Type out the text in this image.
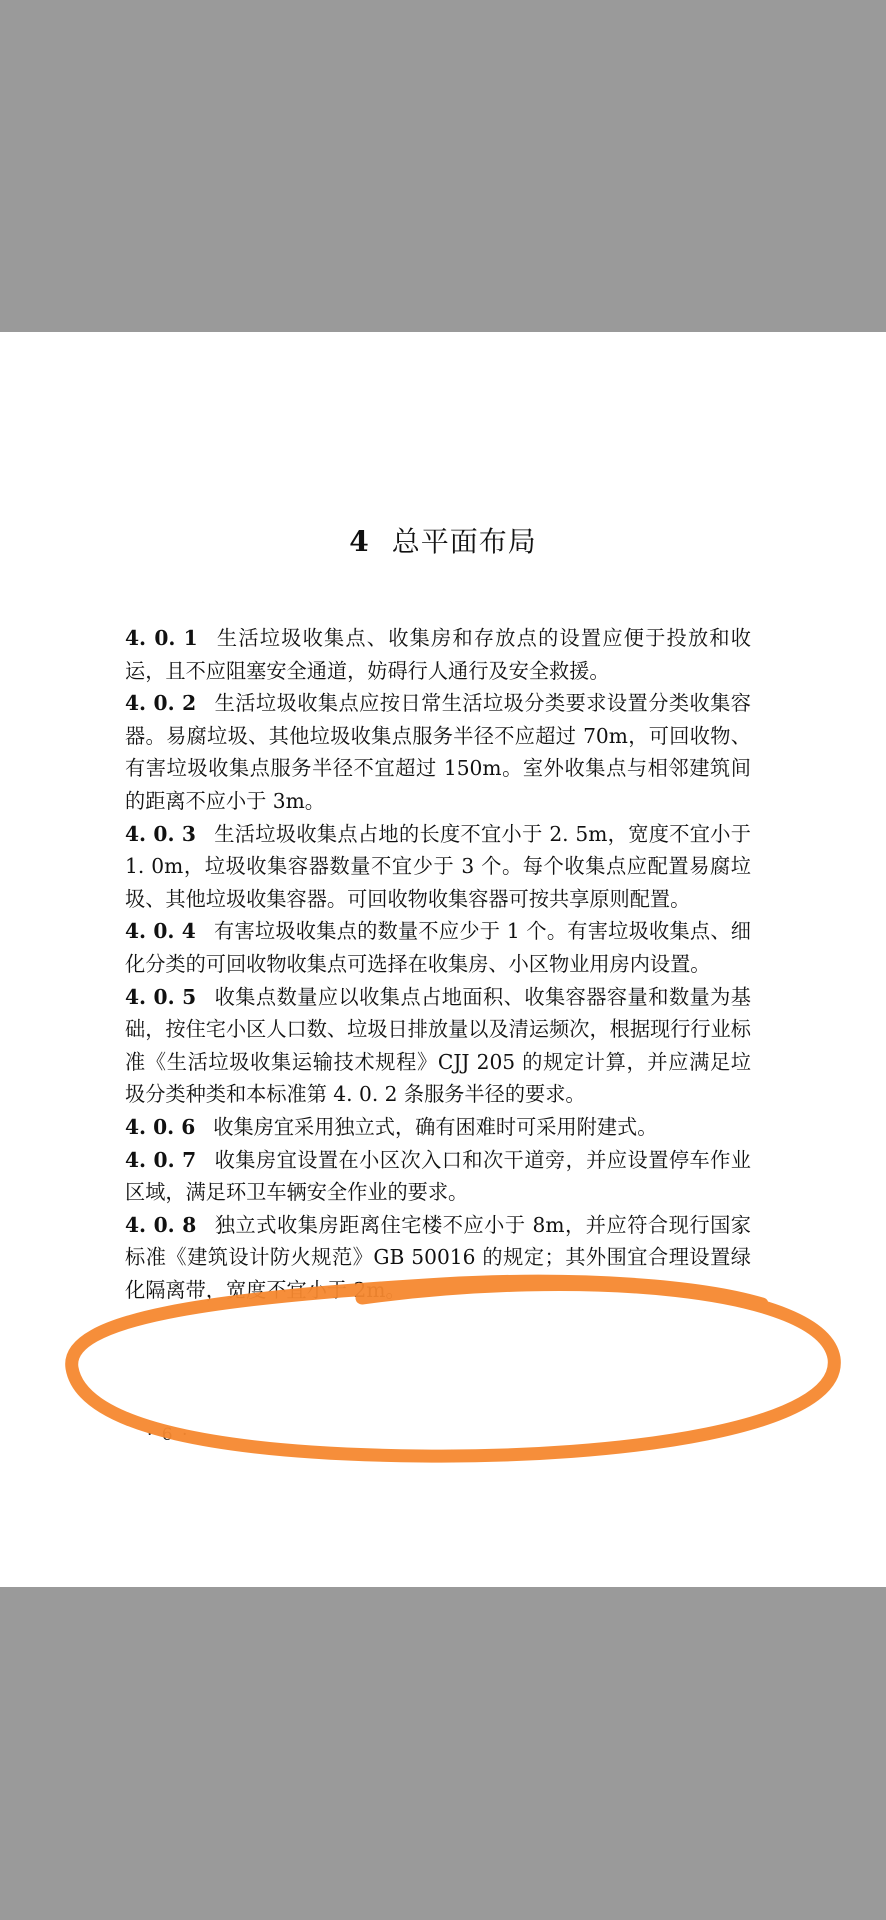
4 总平面布局

4. 0. 1 生活垃圾收集点、收集房和存放点的设置应便于投放和收运，且不应阻塞安全通道，妨碍行人通行及安全救援。

4. 0. 2 生活垃圾收集点应按日常生活垃圾分类要求设置分类收集容器。易腐垃圾、其他垃圾收集点服务半径不应超过 70m，可回收物、有害垃圾收集点服务半径不宜超过 150m。室外收集点与相邻建筑间的距离不应小于 3m。

4. 0. 3 生活垃圾收集点占地的长度不宜小于 2. 5m，宽度不宜小于 1. 0m，垃圾收集容器数量不宜少于 3 个。每个收集点应配置易腐垃圾、其他垃圾收集容器。可回收物收集容器可按共享原则配置。

4. 0. 4 有害垃圾收集点的数量不应少于 1 个。有害垃圾收集点、细化分类的可回收物收集点可选择在收集房、小区物业用房内设置。

4. 0. 5 收集点数量应以收集点占地面积、收集容器容量和数量为基础，按住宅小区人口数、垃圾日排放量以及清运频次，根据现行行业标准《生活垃圾收集运输技术规程》CJJ 205 的规定计算，并应满足垃圾分类种类和本标准第 4. 0. 2 条服务半径的要求。

4. 0. 6 收集房宜采用独立式，确有困难时可采用附建式。

4. 0. 7 收集房宜设置在小区次入口和次干道旁，并应设置停车作业区域，满足环卫车辆安全作业的要求。

4. 0. 8 独立式收集房距离住宅楼不应小于 8m，并应符合现行国家标准《建筑设计防火规范》GB 50016 的规定；其外围宜合理设置绿化隔离带，宽度不宜小于 2m。

· 6 ·
